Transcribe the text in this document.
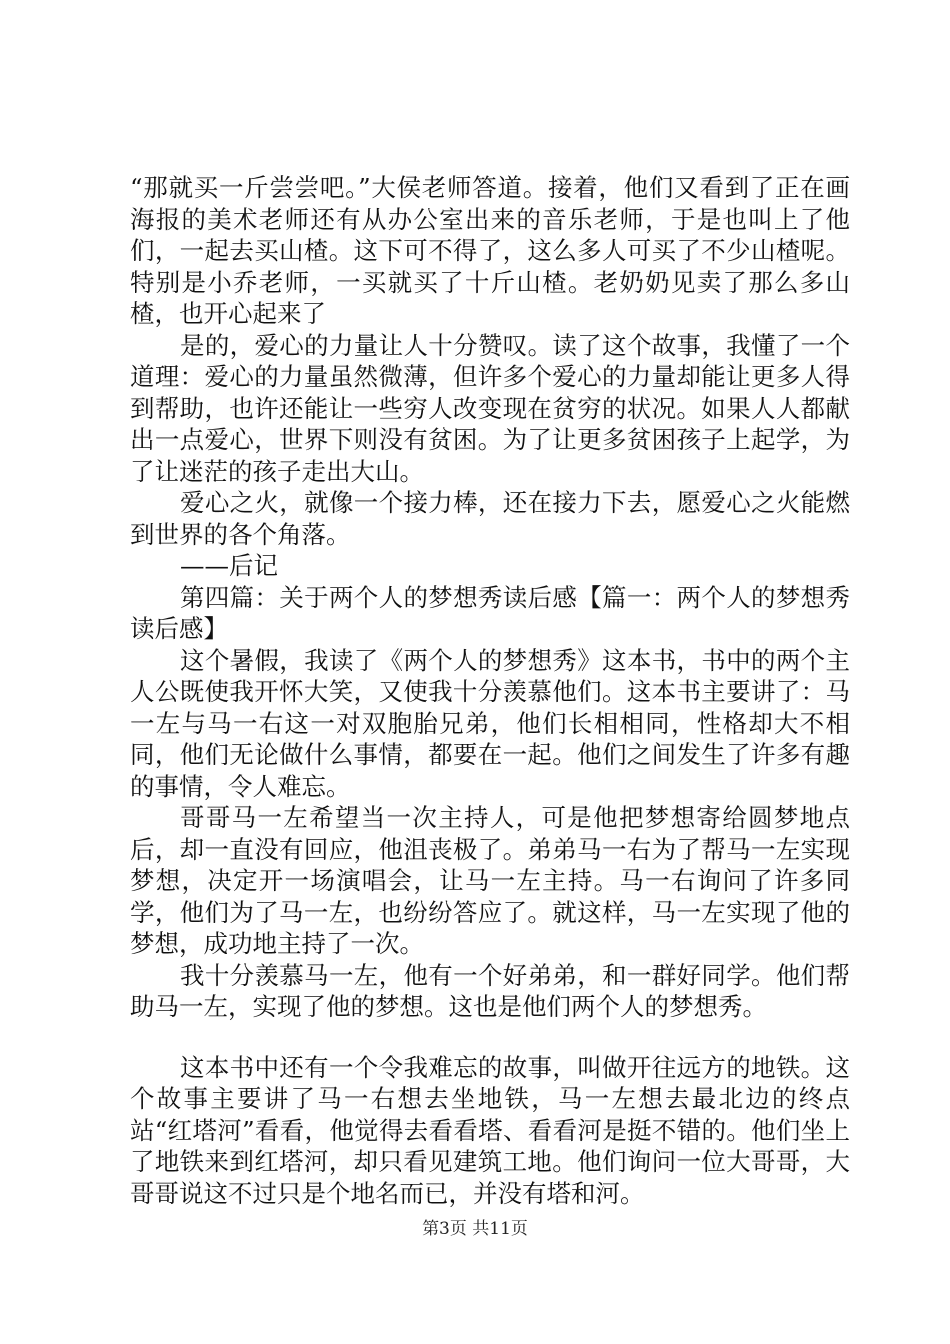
“那就买一斤尝尝吧。”大侯老师答道。接着，他们又看到了正在画海报的美术老师还有从办公室出来的音乐老师，于是也叫上了他们，一起去买山楂。这下可不得了，这么多人可买了不少山楂呢。特别是小乔老师，一买就买了十斤山楂。老奶奶见卖了那么多山楂，也开心起来了

是的，爱心的力量让人十分赞叹。读了这个故事，我懂了一个道理：爱心的力量虽然微薄，但许多个爱心的力量却能让更多人得到帮助，也许还能让一些穷人改变现在贫穷的状况。如果人人都献出一点爱心，世界下则没有贫困。为了让更多贫困孩子上起学，为了让迷茫的孩子走出大山。

爱心之火，就像一个接力棒，还在接力下去，愿爱心之火能燃到世界的各个角落。

——后记

第四篇：关于两个人的梦想秀读后感【篇一：两个人的梦想秀读后感】

这个暑假，我读了《两个人的梦想秀》这本书，书中的两个主人公既使我开怀大笑，又使我十分羡慕他们。这本书主要讲了：马一左与马一右这一对双胞胎兄弟，他们长相相同，性格却大不相同，他们无论做什么事情，都要在一起。他们之间发生了许多有趣的事情，令人难忘。

哥哥马一左希望当一次主持人，可是他把梦想寄给圆梦地点后，却一直没有回应，他沮丧极了。弟弟马一右为了帮马一左实现梦想，决定开一场演唱会，让马一左主持。马一右询问了许多同学，他们为了马一左，也纷纷答应了。就这样，马一左实现了他的梦想，成功地主持了一次。

我十分羡慕马一左，他有一个好弟弟，和一群好同学。他们帮助马一左，实现了他的梦想。这也是他们两个人的梦想秀。

这本书中还有一个令我难忘的故事，叫做开往远方的地铁。这个故事主要讲了马一右想去坐地铁，马一左想去最北边的终点站“红塔河”看看，他觉得去看看塔、看看河是挺不错的。他们坐上了地铁来到红塔河，却只看见建筑工地。他们询问一位大哥哥，大哥哥说这不过只是个地名而已，并没有塔和河。

第3页 共11页
